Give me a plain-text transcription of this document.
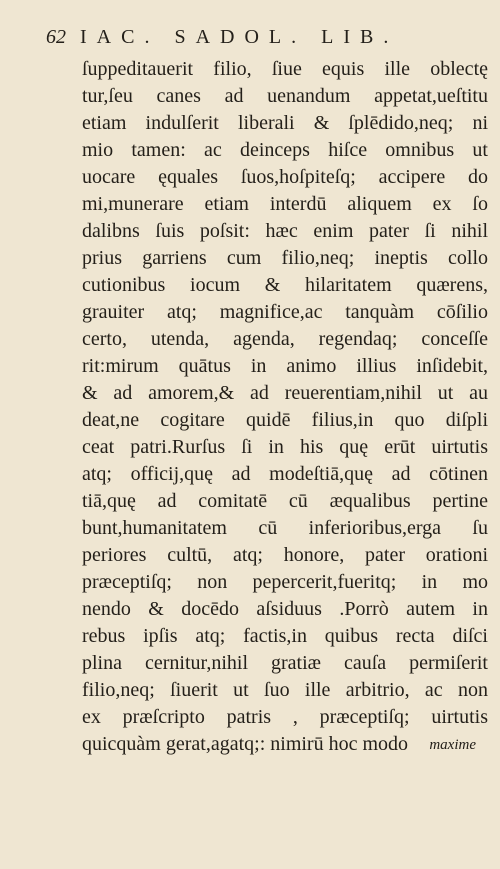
62 IAC. SADOL. LIB.
ſuppeditauerit filio, ſiue equis ille oblectę
tur,ſeu canes ad uenandum appetat,ueſtitu
etiam indulſerit liberali & ſplēdido,neq; ni
mio tamen: ac deinceps hiſce omnibus ut
uocare ęquales ſuos,hoſpiteſq; accipere do
mi,munerare etiam interdū aliquem ex ſo
dalibns ſuis poſsit: hæc enim pater ſi nihil
prius garriens cum filio,neq; ineptis collo
cutionibus iocum & hilaritatem quærens,
grauiter atq; magnifice,ac tanquàm cōſilio
certo, utenda, agenda, regendaq; conceſſe
rit:mirum quātus in animo illius inſidebit,
& ad amorem,& ad reuerentiam,nihil ut au
deat,ne cogitare quidē filius,in quo diſpli
ceat patri.Rurſus ſi in his quę erūt uirtutis
atq; officij,quę ad modeſtiā,quę ad cōtinen
tiā,quę ad comitatē cū æqualibus pertine
bunt,humanitatem cū inferioribus,erga ſu
periores cultū, atq; honore, pater orationi
præceptiſq; non pepercerit,fueritq; in mo
nendo & docēdo aſsiduus .Porrò autem in
rebus ipſis atq; factis,in quibus recta diſci
plina cernitur,nihil gratiæ cauſa permiſerit
filio,neq; ſiuerit ut ſuo ille arbitrio, ac non
ex præſcripto patris , præceptiſq; uirtutis
quicquàm gerat,agatq;: nimirū hoc modo	maxime
